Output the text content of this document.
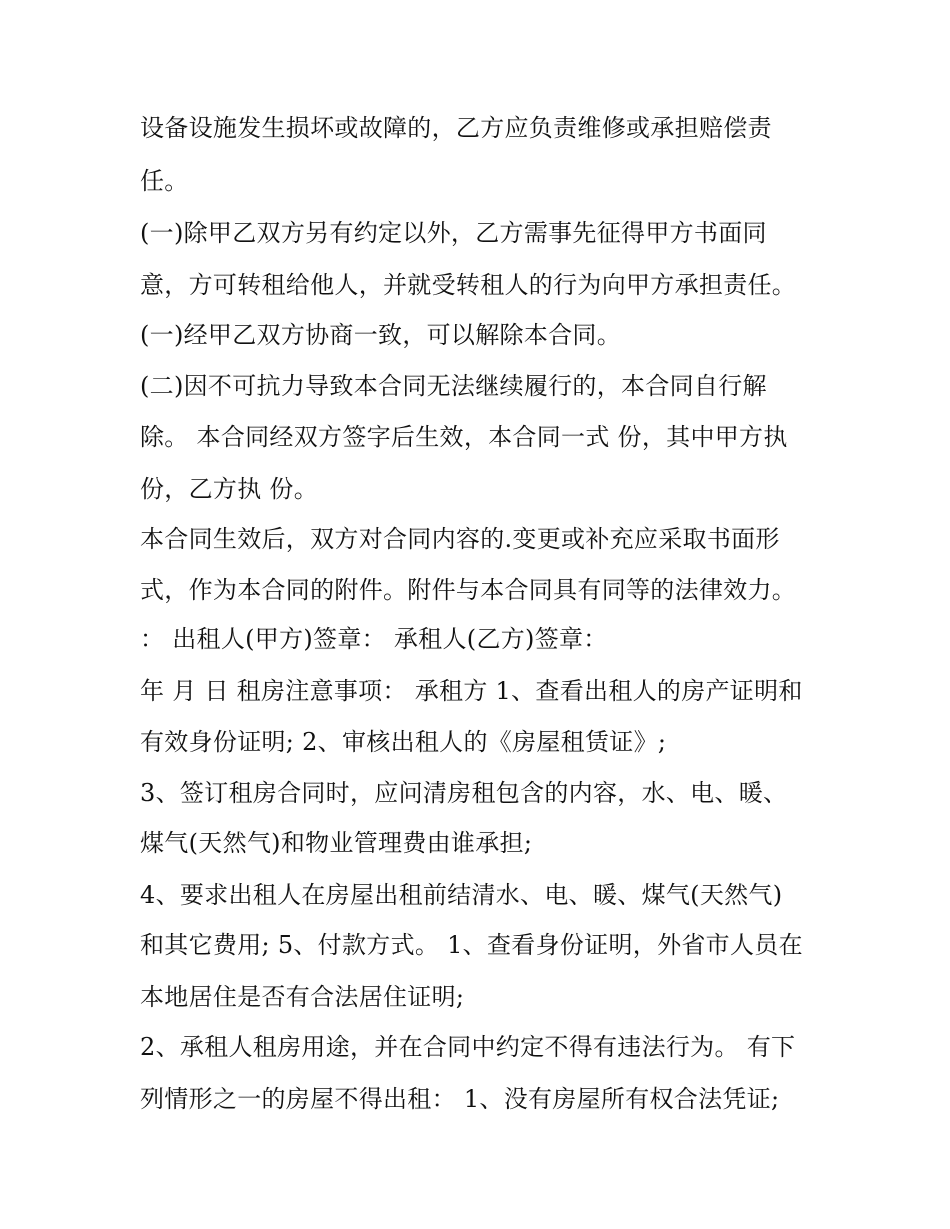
设备设施发生损坏或故障的，乙方应负责维修或承担赔偿责

任。

(一)除甲乙双方另有约定以外，乙方需事先征得甲方书面同

意，方可转租给他人，并就受转租人的行为向甲方承担责任。

(一)经甲乙双方协商一致，可以解除本合同。

(二)因不可抗力导致本合同无法继续履行的，本合同自行解

除。 本合同经双方签字后生效，本合同一式 份，其中甲方执

份，乙方执 份。

本合同生效后，双方对合同内容的.变更或补充应采取书面形

式，作为本合同的附件。附件与本合同具有同等的法律效力。

： 出租人(甲方)签章： 承租人(乙方)签章：

年 月 日 租房注意事项： 承租方 1、查看出租人的房产证明和

有效身份证明; 2、审核出租人的《房屋租赁证》;

3、签订租房合同时，应问清房租包含的内容，水、电、暖、

煤气(天然气)和物业管理费由谁承担;

4、要求出租人在房屋出租前结清水、电、暖、煤气(天然气)

和其它费用; 5、付款方式。 1、查看身份证明，外省市人员在

本地居住是否有合法居住证明;

2、承租人租房用途，并在合同中约定不得有违法行为。 有下

列情形之一的房屋不得出租： 1、没有房屋所有权合法凭证;
